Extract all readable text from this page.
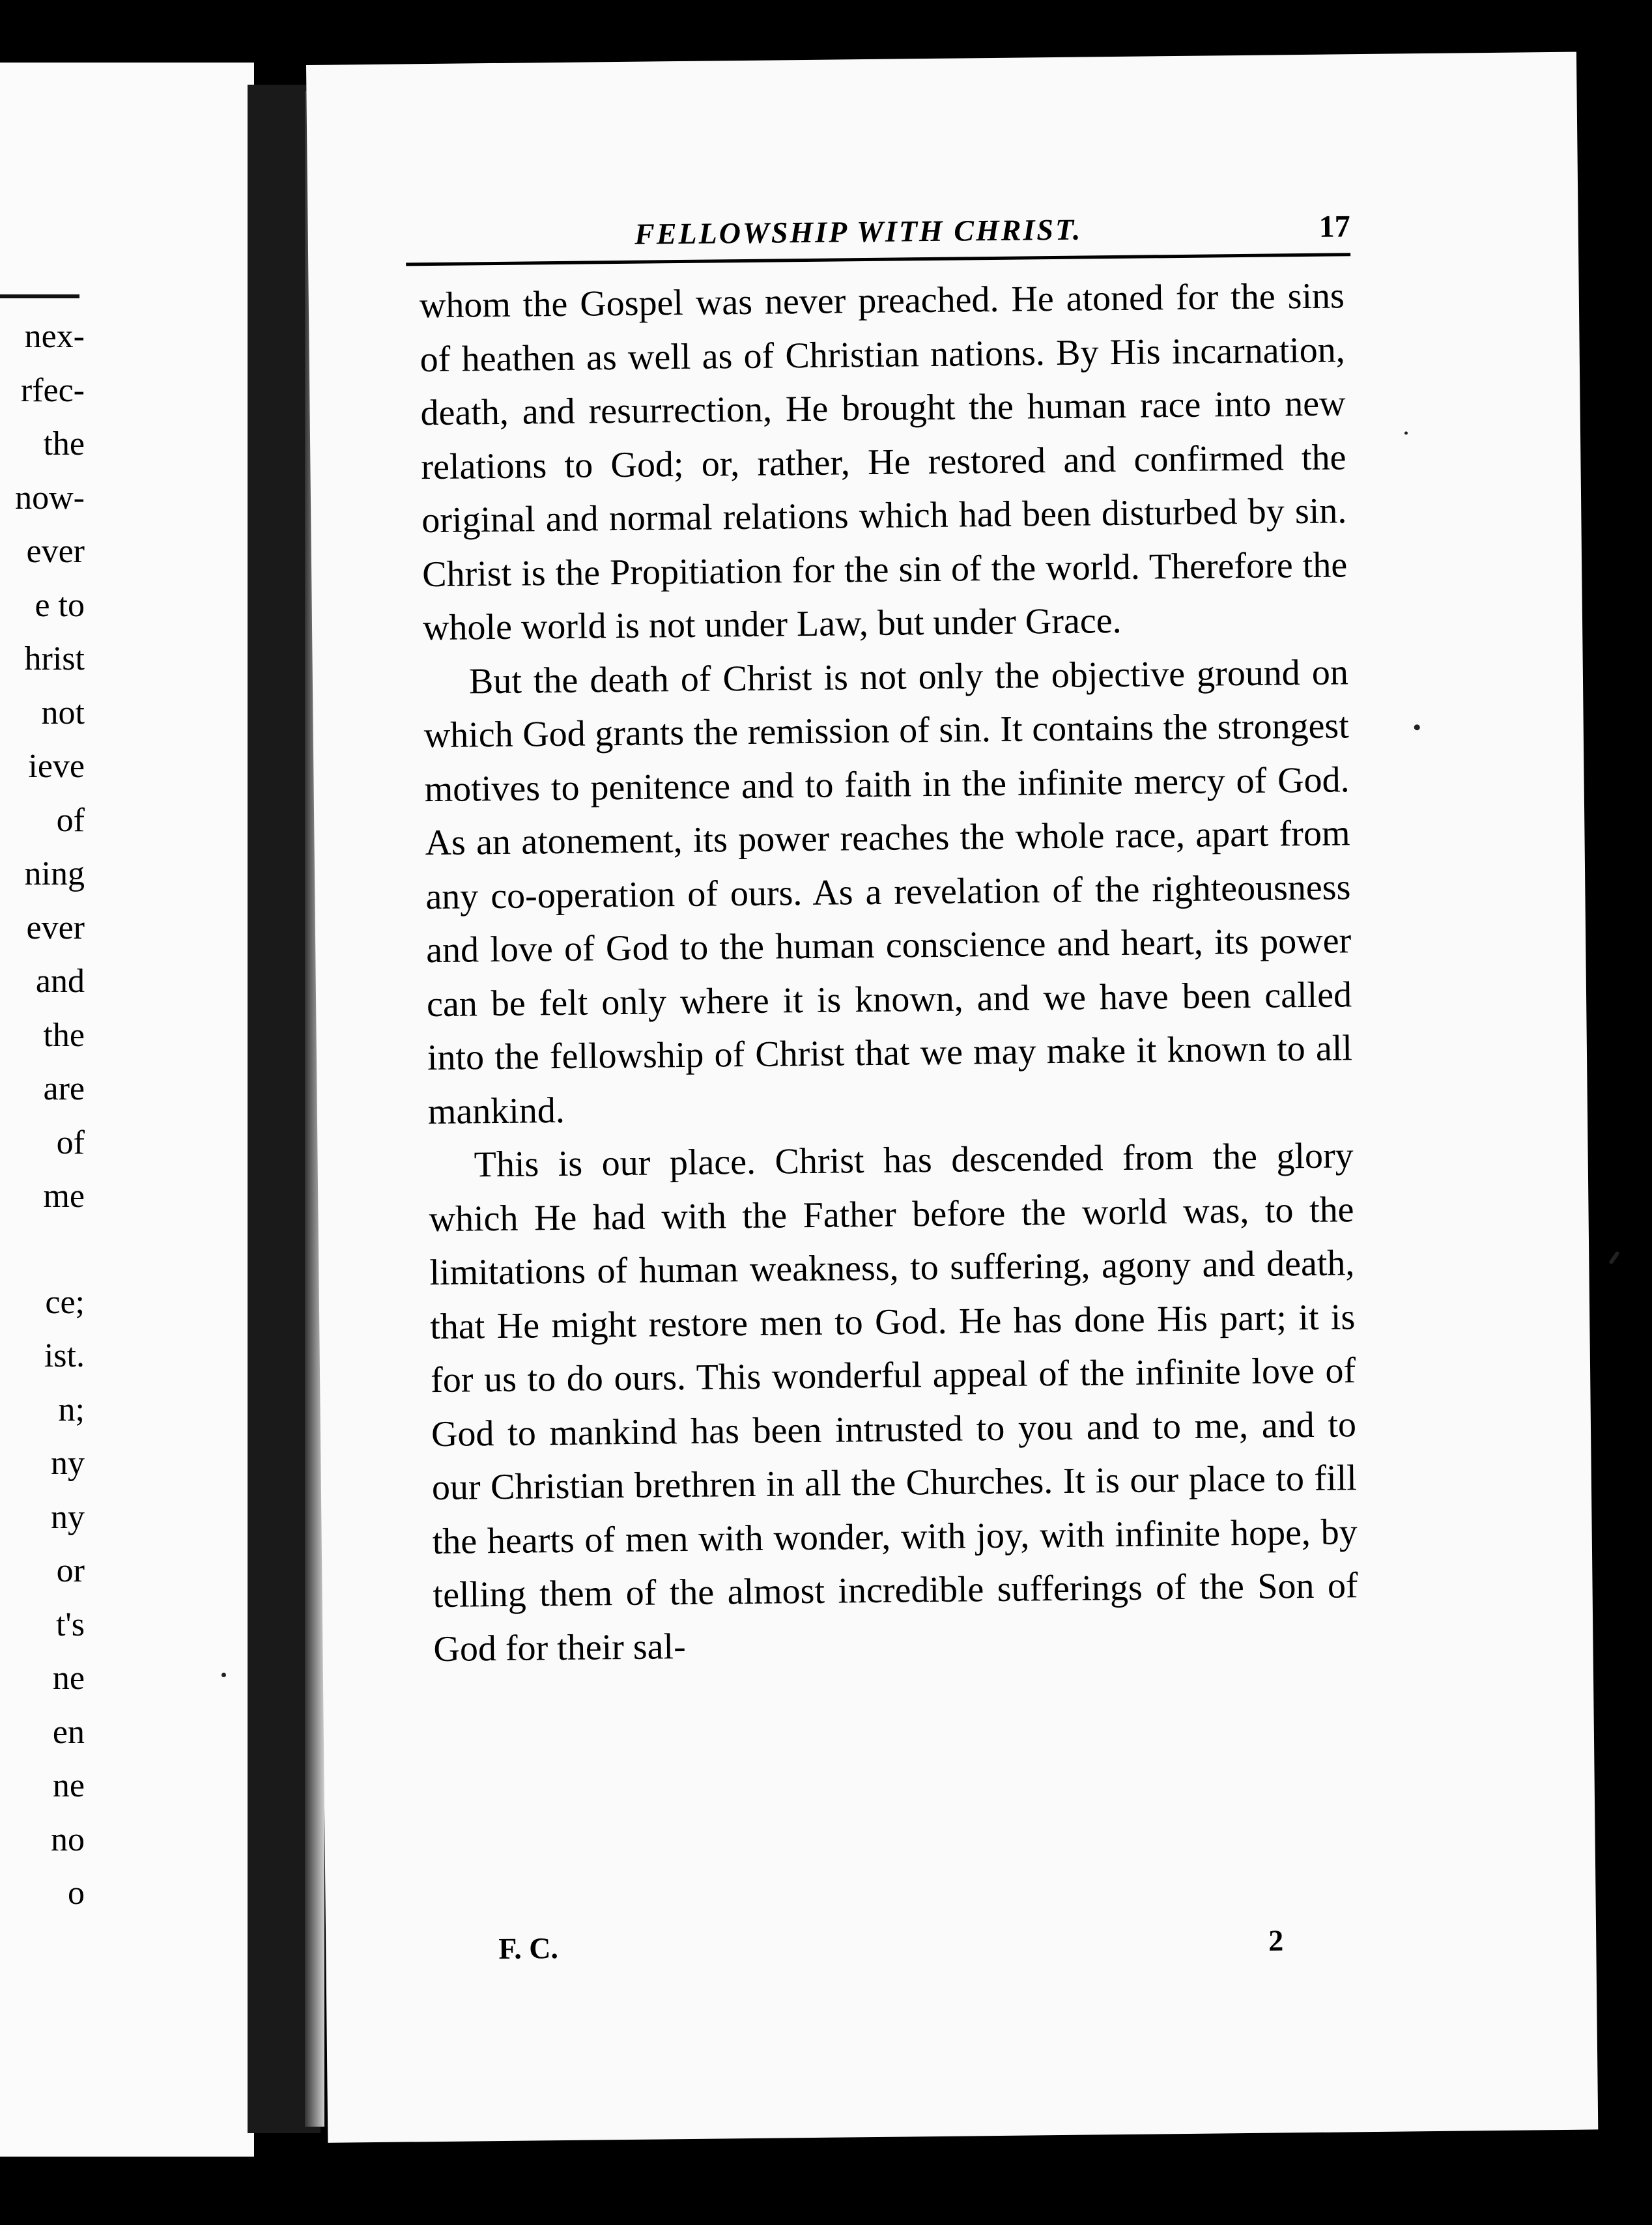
nex-
rfec-
the
now-
ever
e to
hrist
not
ieve
of
ning
ever
and
the
are
of
me
ce;
ist.
n;
ny
ny
or
t's
ne
en
ne
no
o
FELLOWSHIP WITH CHRIST.	17

whom the Gospel was never preached. He atoned for the sins of heathen as well as of Christian nations. By His incarnation, death, and resurrection, He brought the human race into new relations to God; or, rather, He restored and confirmed the original and normal relations which had been disturbed by sin. Christ is the Propitiation for the sin of the world. Therefore the whole world is not under Law, but under Grace.

But the death of Christ is not only the objective ground on which God grants the remission of sin. It contains the strongest motives to penitence and to faith in the infinite mercy of God. As an atonement, its power reaches the whole race, apart from any co-operation of ours. As a revelation of the righteousness and love of God to the human conscience and heart, its power can be felt only where it is known, and we have been called into the fellowship of Christ that we may make it known to all mankind.

This is our place. Christ has descended from the glory which He had with the Father before the world was, to the limitations of human weakness, to suffering, agony and death, that He might restore men to God. He has done His part; it is for us to do ours. This wonderful appeal of the infinite love of God to mankind has been intrusted to you and to me, and to our Christian brethren in all the Churches. It is our place to fill the hearts of men with wonder, with joy, with infinite hope, by telling them of the almost incredible sufferings of the Son of God for their sal-

F. C.	2
